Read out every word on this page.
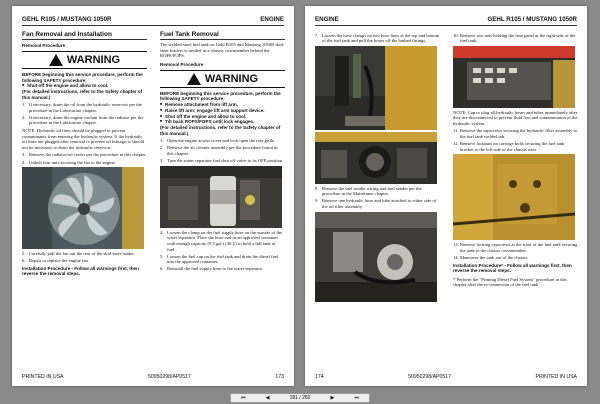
GEHL R105 / MUSTANG 1050R	ENGINE
Fan Removal and Installation
Removal Procedure
WARNING
BEFORE beginning this service procedure, perform the following SAFETY procedure:
■ Shut off the engine and allow to cool.
(For detailed instructions, refer to the Safety chapter of this manual.)
1. If necessary, drain the oil from the hydraulic reservoir per the procedure in the Lubrication chapter.
2. If necessary, drain the engine coolant from the radiator per the procedure in the Lubrication chapter.

NOTE: Hydraulic oil lines should be plugged to prevent contaminants from entering the hydraulic system. If the hydraulic oil lines are plugged after removal to prevent oil leakage, it should not be necessary to drain the hydraulic reservoir.

3. Remove the radiator/oil cooler per the procedure in this chapter.
4. Unbolt four nuts securing the fan to the engine.
5. Carefully pull the fan out the rear of the skid-steer loader.
6. Repair or replace the engine fan.
Installation Procedure - Follow all warnings first, then reverse the removal steps.
Fuel Tank Removal

The welded-steel fuel tank on Gehl R105 and Mustang 1050R skid-steer loaders is nestled in a chassis crossmember behind the ROPS/FOPS.

Removal Procedure
WARNING
BEFORE beginning this service procedure, perform the following SAFETY procedure:
■ Remove attachment from lift arm.
■ Raise lift arm; engage lift arm support device.
■ Shut off the engine and allow to cool.
■ Tilt back ROPS/FOPS until lock engages.
(For detailed instructions, refer to the Safety chapter of this manual.)
1. Open the engine access cover and lock open the rear grille.
2. Remove the air cleaner assembly per the procedure found in this chapter.
3. Turn the water separator fuel shut off valve to its OFF position.
4. Loosen the clamp on the fuel supply hose on the outside of the water separator. Place the hose end in an approved container with enough capacity (9.5 gal.) (36 L) to hold a full tank of fuel.
5. Loosen the fuel cap on the fuel tank and drain the diesel fuel into the approved container.
6. Reinstall the fuel supply hose to the water separator.
PRINTED IN USA	50950298/AP0517	173
ENGINE	GEHL R105 / MUSTANG 1050R
7. Loosen the hose clamps on two hose lines at the top and bottom of the fuel tank and pull the hoses off the barbed fittings.
8. Remove the fuel sender wiring and fuel sender per the procedure in the Mainframe chapter.
9. Remove one hydraulic hose and tube attached to either side of the oil filter assembly.
10. Remove two nuts holding the fuse panel at the right side of the fuel tank.

NOTE: Cap or plug all hydraulic hoses and tubes immediately after they are disconnected to prevent fluid loss and contamination of the hydraulic system.

11. Remove the capscrews securing the hydraulic filter assembly to the fuel tank welded tab.
12. Remove locknuts on carriage bolts securing the fuel tank bracket to the left side of the chassis riser.
13. Remove locking capscrews at the front of the fuel tank securing the tank to the chassis crossmember.
14. Maneuver the tank out of the chassis.
Installation Procedure* - Follow all warnings first, then reverse the removal steps.

* Perform the "Priming Diesel Fuel System" procedure in this chapter after the re-connection of the fuel tank.

174	50950298/AP0517	PRINTED IN USA
⏮	◀	181 / 282	▶	⏭
